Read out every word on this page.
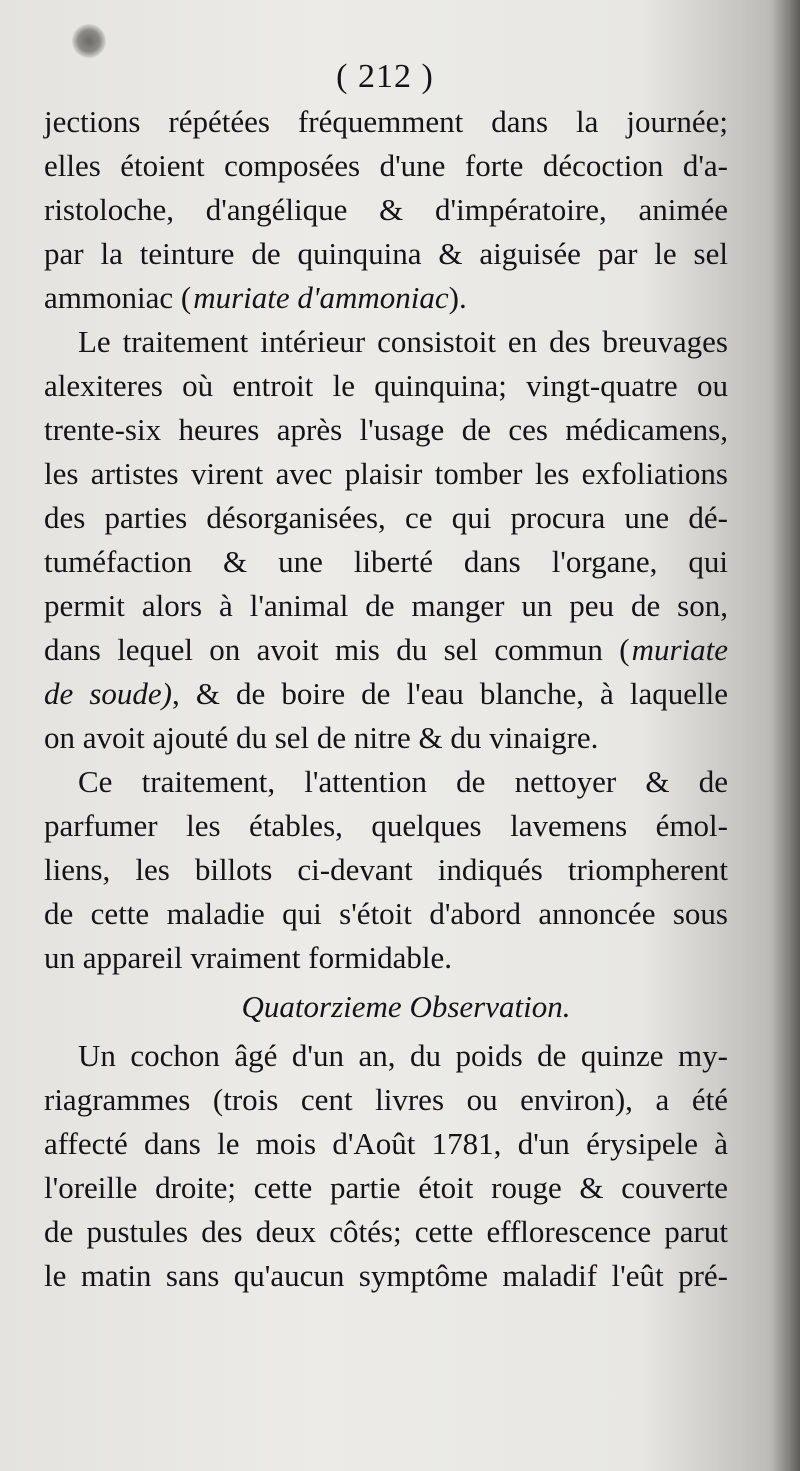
( 212 )
jections répétées fréquemment dans la journée;
elles étoient composées d'une forte décoction d'a-
ristoloche, d'angélique & d'impératoire, animée
par la teinture de quinquina & aiguisée par le sel
ammoniac (muriate d'ammoniac).
Le traitement intérieur consistoit en des breuvages
alexiteres où entroit le quinquina; vingt-quatre ou
trente-six heures après l'usage de ces médicamens,
les artistes virent avec plaisir tomber les exfoliations
des parties désorganisées, ce qui procura une dé-
tuméfaction & une liberté dans l'organe, qui
permit alors à l'animal de manger un peu de son,
dans lequel on avoit mis du sel commun (muriate
de soude), & de boire de l'eau blanche, à laquelle
on avoit ajouté du sel de nitre & du vinaigre.
Ce traitement, l'attention de nettoyer & de
parfumer les étables, quelques lavemens émol-
liens, les billots ci-devant indiqués triompherent
de cette maladie qui s'étoit d'abord annoncée sous
un appareil vraiment formidable.
Quatorzieme Observation.
Un cochon âgé d'un an, du poids de quinze my-
riagrammes (trois cent livres ou environ), a été
affecté dans le mois d'Août 1781, d'un érysipele à
l'oreille droite; cette partie étoit rouge & couverte
de pustules des deux côtés; cette efflorescence parut
le matin sans qu'aucun symptôme maladif l'eût pré-
